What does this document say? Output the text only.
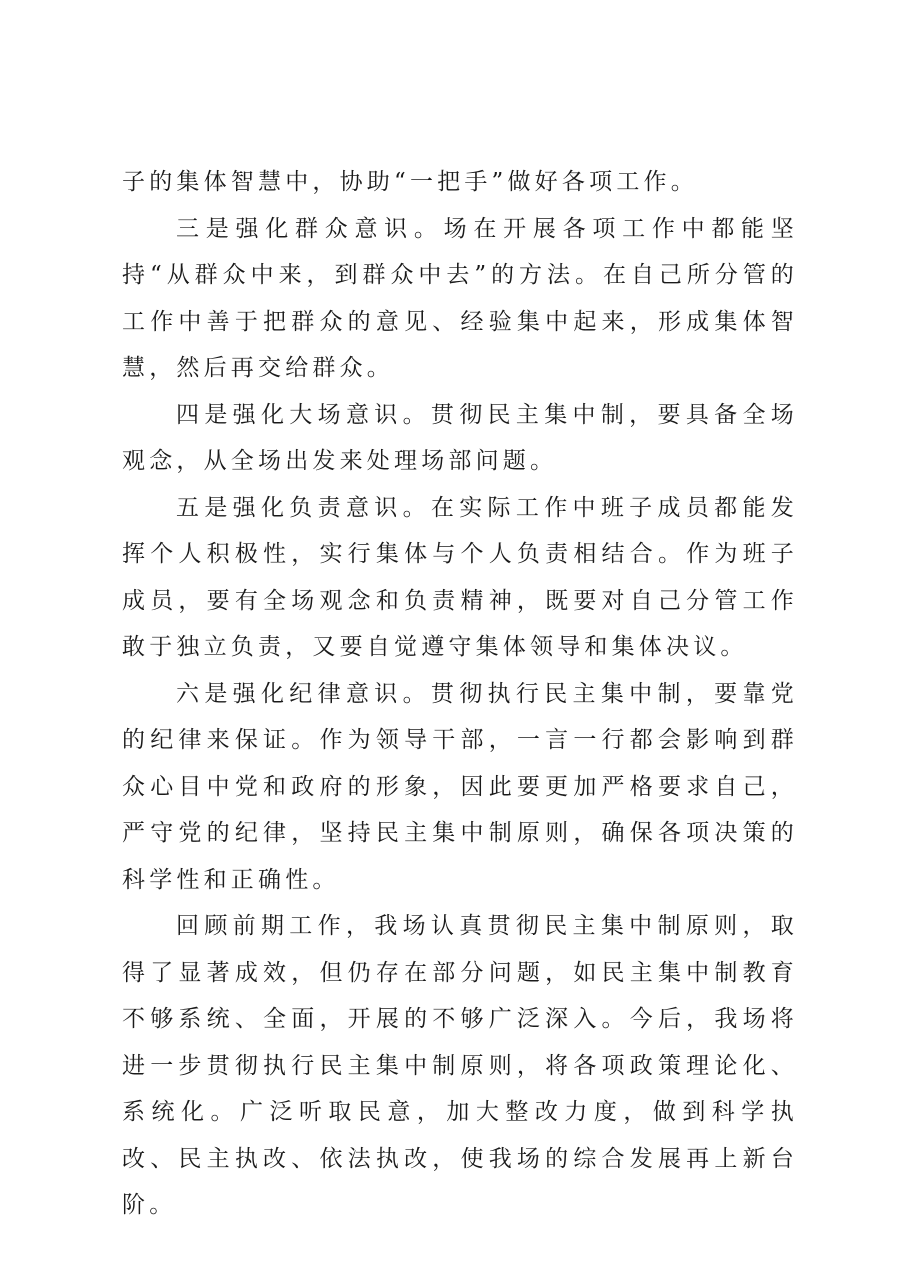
子的集体智慧中，协助“一把手”做好各项工作。

三是强化群众意识。场在开展各项工作中都能坚持“从群众中来，到群众中去”的方法。在自己所分管的工作中善于把群众的意见、经验集中起来，形成集体智慧，然后再交给群众。

四是强化大场意识。贯彻民主集中制，要具备全场观念，从全场出发来处理场部问题。

五是强化负责意识。在实际工作中班子成员都能发挥个人积极性，实行集体与个人负责相结合。作为班子成员，要有全场观念和负责精神，既要对自己分管工作敢于独立负责，又要自觉遵守集体领导和集体决议。

六是强化纪律意识。贯彻执行民主集中制，要靠党的纪律来保证。作为领导干部，一言一行都会影响到群众心目中党和政府的形象，因此要更加严格要求自己，严守党的纪律，坚持民主集中制原则，确保各项决策的科学性和正确性。

回顾前期工作，我场认真贯彻民主集中制原则，取得了显著成效，但仍存在部分问题，如民主集中制教育不够系统、全面，开展的不够广泛深入。今后，我场将进一步贯彻执行民主集中制原则，将各项政策理论化、系统化。广泛听取民意，加大整改力度，做到科学执改、民主执改、依法执改，使我场的综合发展再上新台阶。
